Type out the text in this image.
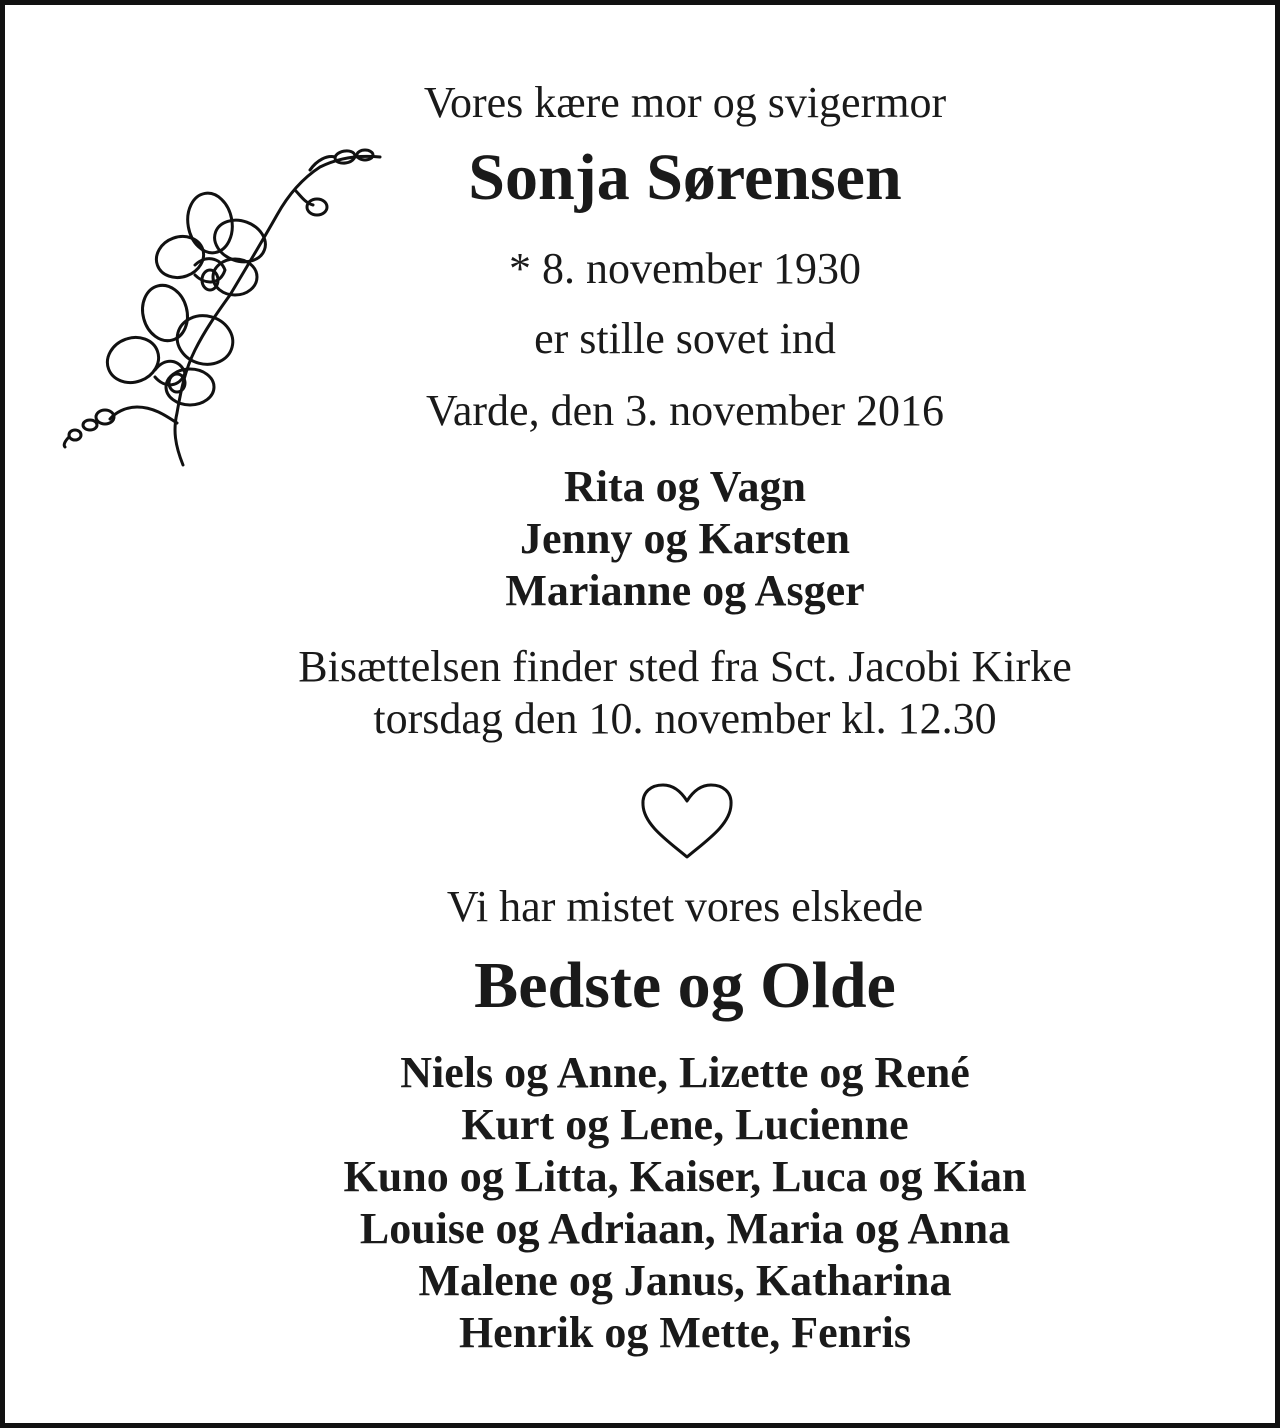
Vores kære mor og svigermor
Sonja Sørensen
* 8. november 1930
er stille sovet ind
Varde, den 3. november 2016
Rita og Vagn
Jenny og Karsten
Marianne og Asger
Bisættelsen finder sted fra Sct. Jacobi Kirke
torsdag den 10. november kl. 12.30
Vi har mistet vores elskede
Bedste og Olde
Niels og Anne, Lizette og René
Kurt og Lene, Lucienne
Kuno og Litta, Kaiser, Luca og Kian
Louise og Adriaan, Maria og Anna
Malene og Janus, Katharina
Henrik og Mette, Fenris
